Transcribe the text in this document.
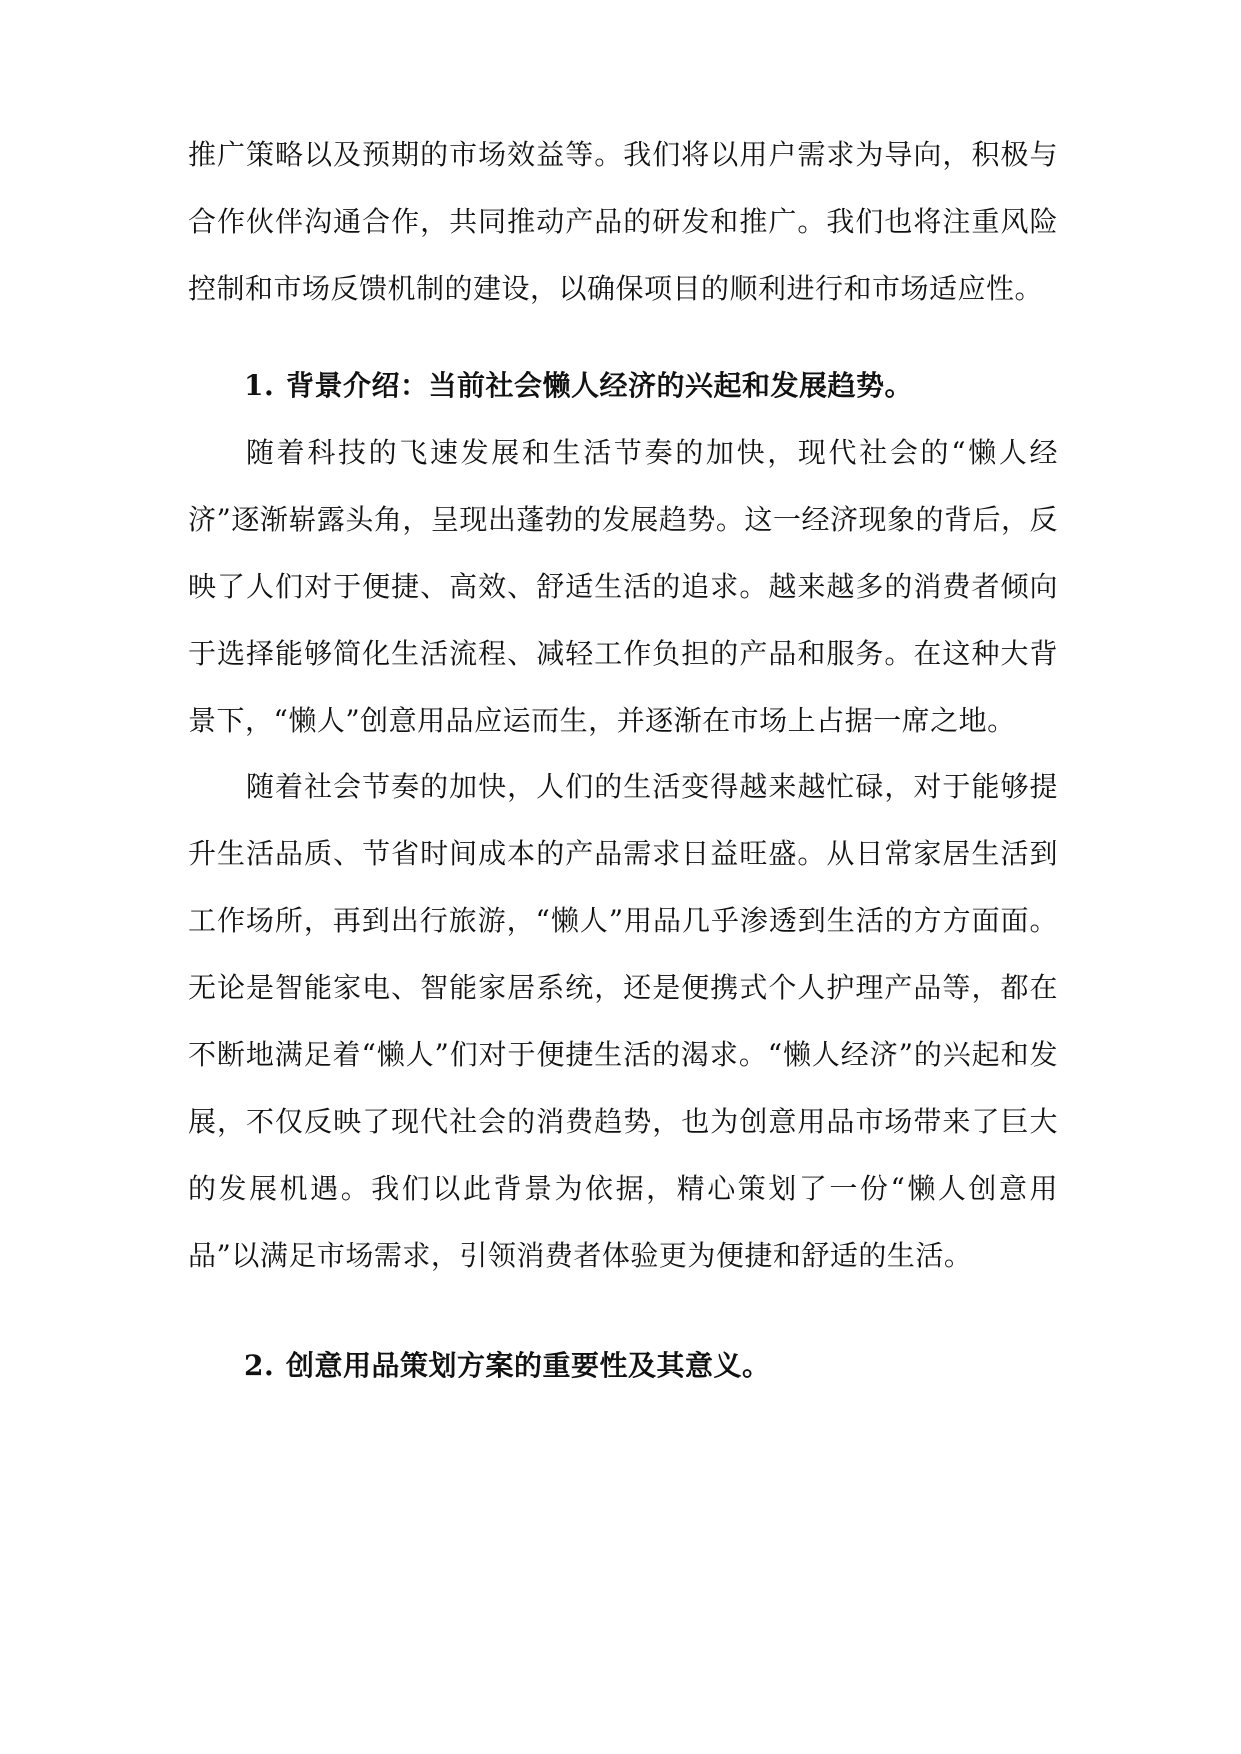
推广策略以及预期的市场效益等。我们将以用户需求为导向，积极与合作伙伴沟通合作，共同推动产品的研发和推广。我们也将注重风险控制和市场反馈机制的建设，以确保项目的顺利进行和市场适应性。

1. 背景介绍：当前社会懒人经济的兴起和发展趋势。

随着科技的飞速发展和生活节奏的加快，现代社会的“懒人经济”逐渐崭露头角，呈现出蓬勃的发展趋势。这一经济现象的背后，反映了人们对于便捷、高效、舒适生活的追求。越来越多的消费者倾向于选择能够简化生活流程、减轻工作负担的产品和服务。在这种大背景下，“懒人”创意用品应运而生，并逐渐在市场上占据一席之地。

随着社会节奏的加快，人们的生活变得越来越忙碌，对于能够提升生活品质、节省时间成本的产品需求日益旺盛。从日常家居生活到工作场所，再到出行旅游，“懒人”用品几乎渗透到生活的方方面面。无论是智能家电、智能家居系统，还是便携式个人护理产品等，都在不断地满足着“懒人”们对于便捷生活的渴求。“懒人经济”的兴起和发展，不仅反映了现代社会的消费趋势，也为创意用品市场带来了巨大的发展机遇。我们以此背景为依据，精心策划了一份“懒人创意用品”以满足市场需求，引领消费者体验更为便捷和舒适的生活。

2. 创意用品策划方案的重要性及其意义。
